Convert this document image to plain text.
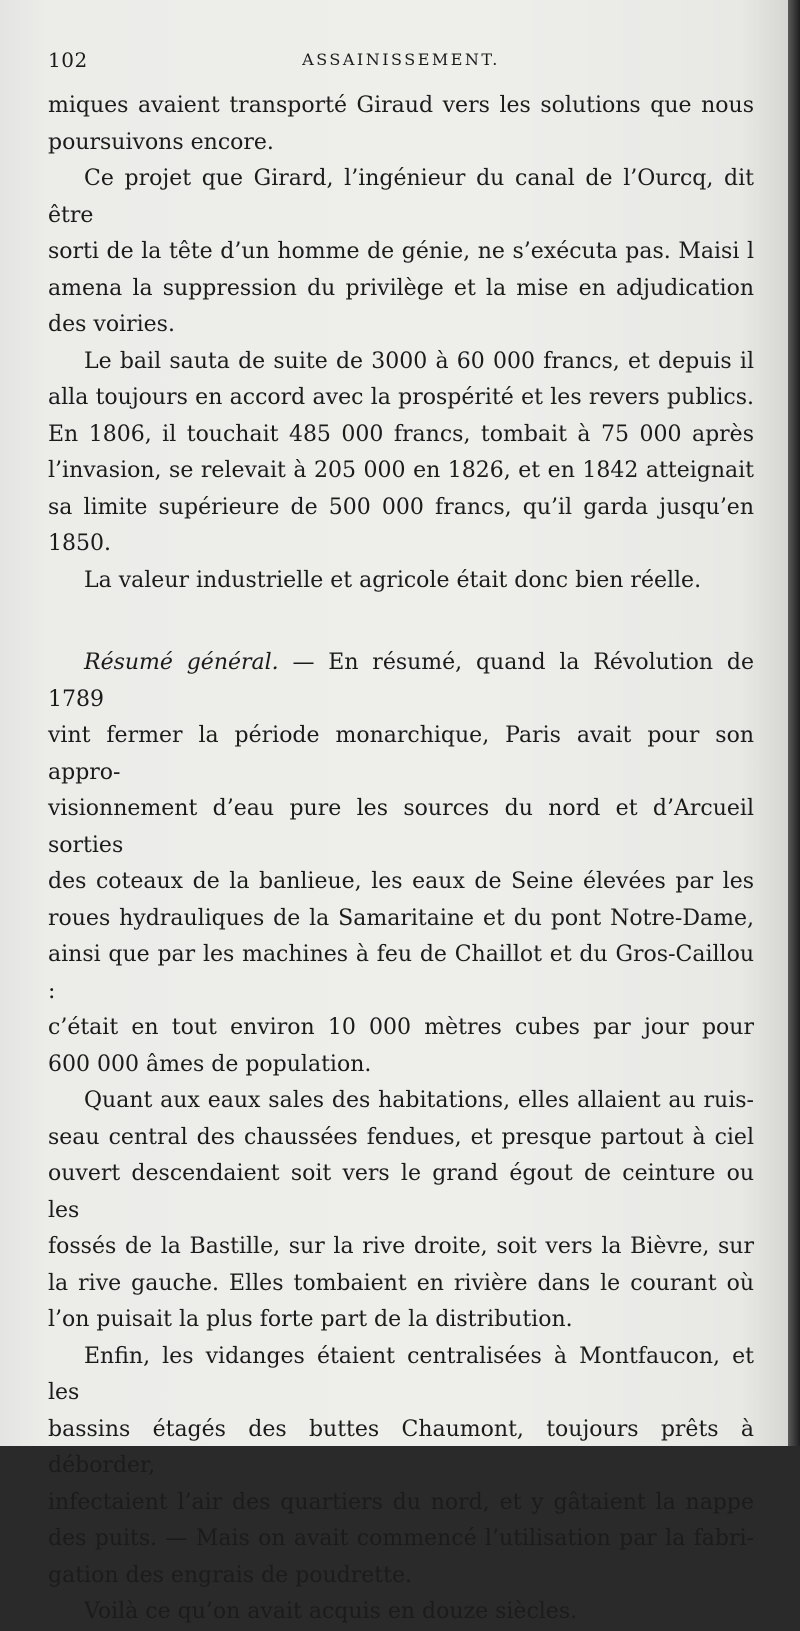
102	ASSAINISSEMENT.

miques avaient transporté Giraud vers les solutions que nous

poursuivons encore.

Ce projet que Girard, l’ingénieur du canal de l’Ourcq, dit être

sorti de la tête d’un homme de génie, ne s’exécuta pas. Maisi l

amena la suppression du privilège et la mise en adjudication

des voiries.

Le bail sauta de suite de 3000 à 60 000 francs, et depuis il

alla toujours en accord avec la prospérité et les revers publics.

En 1806, il touchait 485 000 francs, tombait à 75 000 après

l’invasion, se relevait à 205 000 en 1826, et en 1842 atteignait

sa limite supérieure de 500 000 francs, qu’il garda jusqu’en

1850.

La valeur industrielle et agricole était donc bien réelle.

Résumé général. — En résumé, quand la Révolution de 1789

vint fermer la période monarchique, Paris avait pour son appro-

visionnement d’eau pure les sources du nord et d’Arcueil sorties

des coteaux de la banlieue, les eaux de Seine élevées par les

roues hydrauliques de la Samaritaine et du pont Notre-Dame,

ainsi que par les machines à feu de Chaillot et du Gros-Caillou :

c’était en tout environ 10 000 mètres cubes par jour pour

600 000 âmes de population.

Quant aux eaux sales des habitations, elles allaient au ruis-

seau central des chaussées fendues, et presque partout à ciel

ouvert descendaient soit vers le grand égout de ceinture ou les

fossés de la Bastille, sur la rive droite, soit vers la Bièvre, sur

la rive gauche. Elles tombaient en rivière dans le courant où

l’on puisait la plus forte part de la distribution.

Enfin, les vidanges étaient centralisées à Montfaucon, et les

bassins étagés des buttes Chaumont, toujours prêts à déborder,

infectaient l’air des quartiers du nord, et y gâtaient la nappe

des puits. — Mais on avait commencé l’utilisation par la fabri-

gation des engrais de poudrette.

Voilà ce qu’on avait acquis en douze siècles.
